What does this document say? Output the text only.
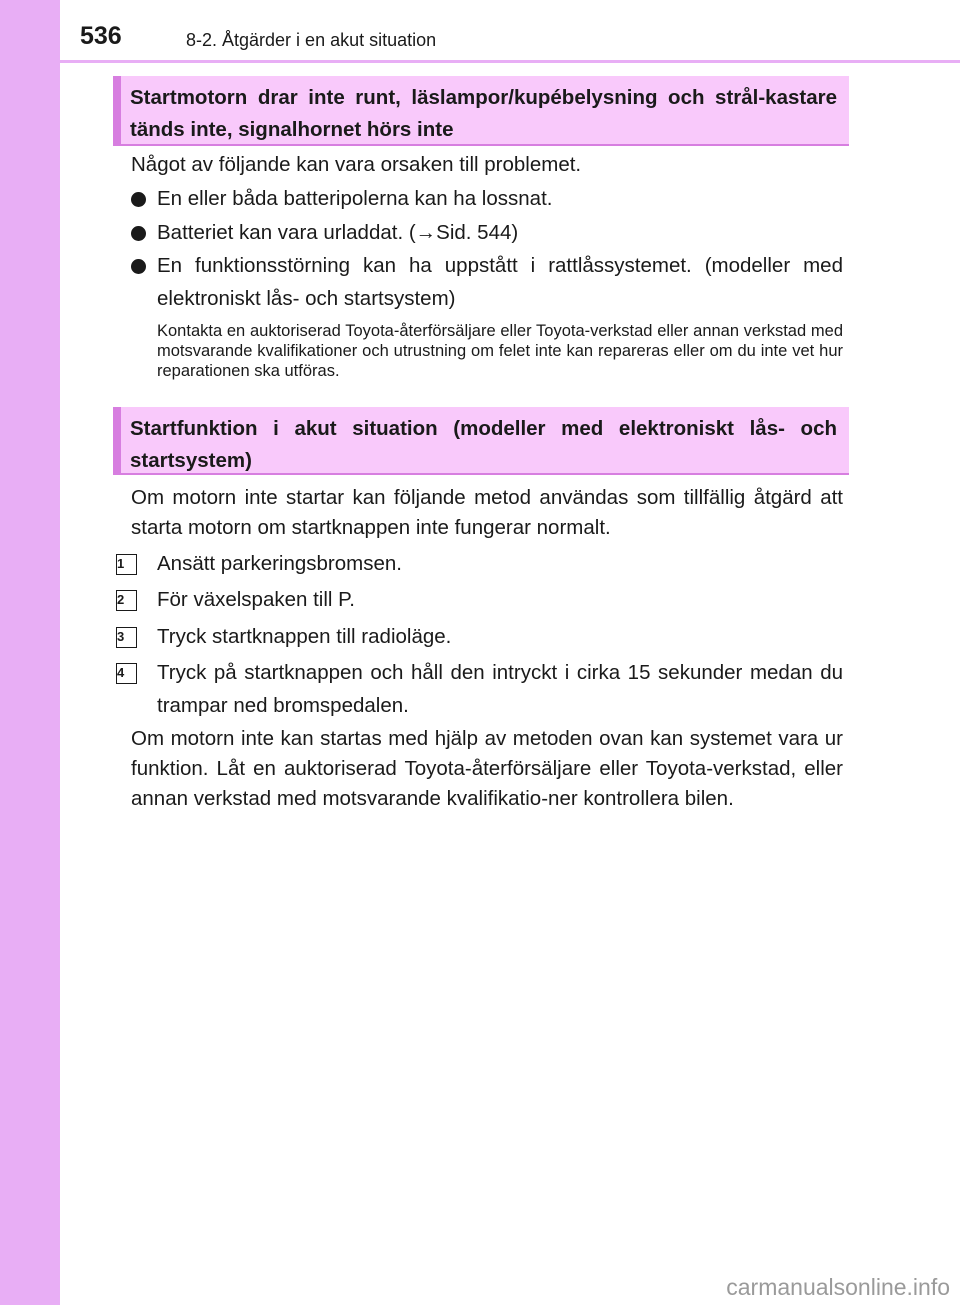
536	8-2. Åtgärder i en akut situation
Startmotorn drar inte runt, läslampor/kupébelysning och strål-kastare tänds inte, signalhornet hörs inte
Något av följande kan vara orsaken till problemet.
En eller båda batteripolerna kan ha lossnat.
Batteriet kan vara urladdat. (→Sid. 544)
En funktionsstörning kan ha uppstått i rattlåssystemet. (modeller med elektroniskt lås- och startsystem)
Kontakta en auktoriserad Toyota-återförsäljare eller Toyota-verkstad eller annan verkstad med motsvarande kvalifikationer och utrustning om felet inte kan repareras eller om du inte vet hur reparationen ska utföras.
Startfunktion i akut situation (modeller med elektroniskt lås- och startsystem)
Om motorn inte startar kan följande metod användas som tillfällig åtgärd att starta motorn om startknappen inte fungerar normalt.
1	Ansätt parkeringsbromsen.
2	För växelspaken till P.
3	Tryck startknappen till radioläge.
4	Tryck på startknappen och håll den intryckt i cirka 15 sekunder medan du trampar ned bromspedalen.
Om motorn inte kan startas med hjälp av metoden ovan kan systemet vara ur funktion. Låt en auktoriserad Toyota-återförsäljare eller Toyota-verkstad, eller annan verkstad med motsvarande kvalifikatio-ner kontrollera bilen.
carmanualsonline.info
